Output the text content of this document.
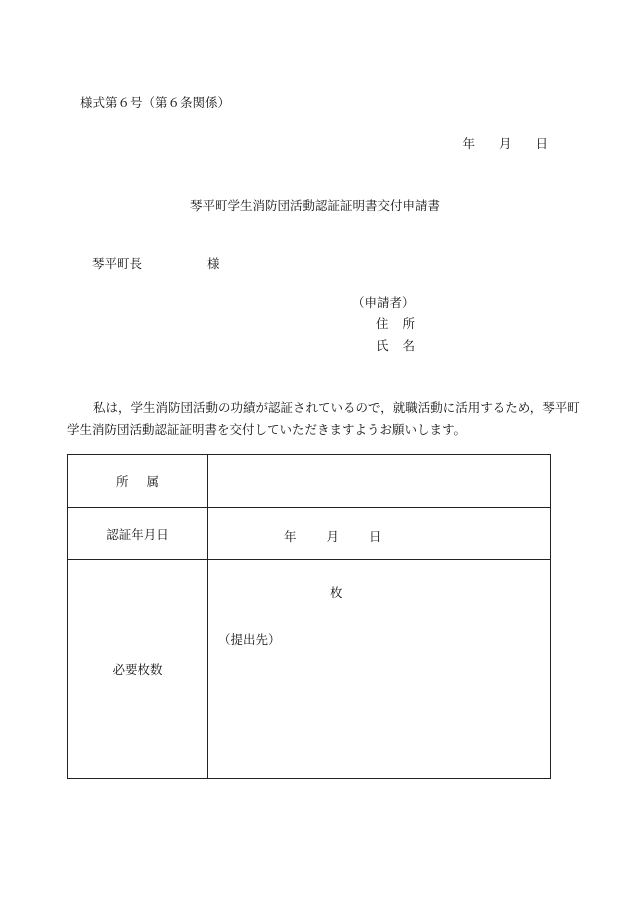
様式第６号（第６条関係）
年 月 日
琴平町学生消防団活動認証証明書交付申請書
琴平町長	様
（申請者）
住 所
氏 名
私は，学生消防団活動の功績が認証されているので，就職活動に活用するため，琴平町
学生消防団活動認証証明書を交付していただきますようお願いします。
所 属	
認証年月日	年 月 日

必要枚数	枚
（提出先）
